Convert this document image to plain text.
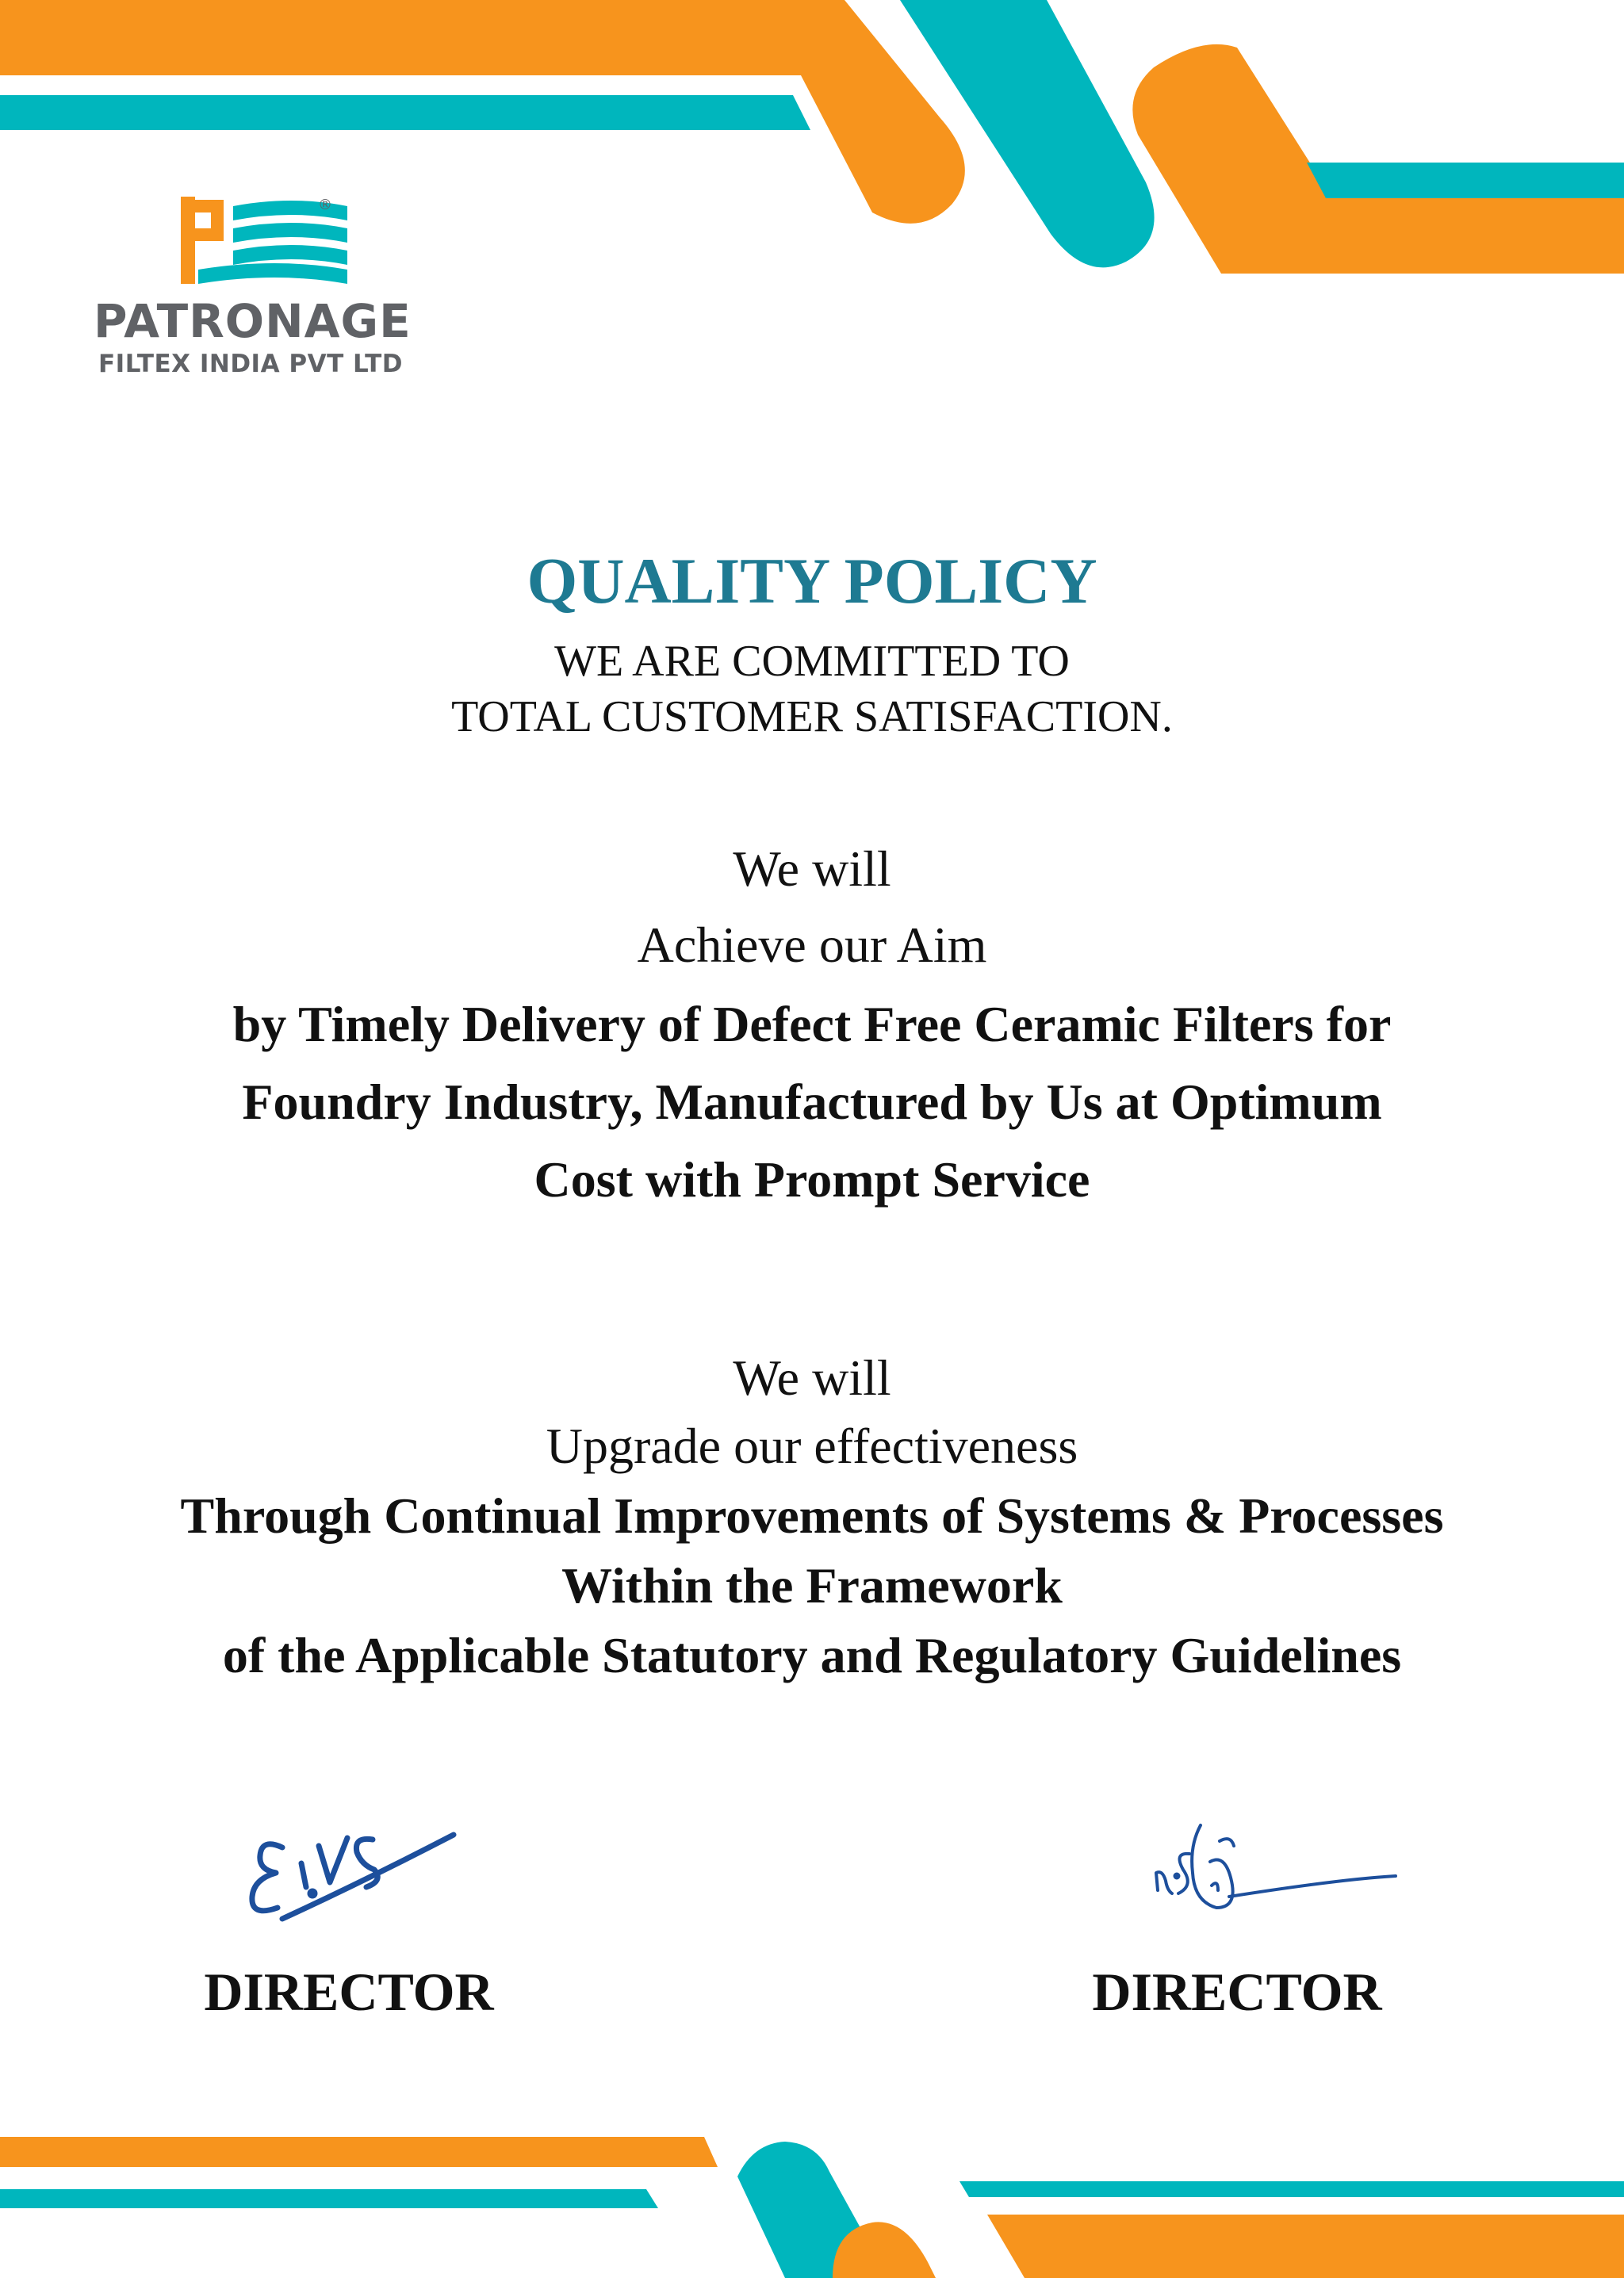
®
PATRONAGE
FILTEX INDIA PVT LTD
QUALITY POLICY
WE ARE COMMITTED TO
TOTAL CUSTOMER SATISFACTION.
We will
Achieve our Aim
by Timely Delivery of Defect Free Ceramic Filters for
Foundry Industry, Manufactured by Us at Optimum
Cost with Prompt Service
We will
Upgrade our effectiveness
Through Continual Improvements of Systems & Processes
Within the Framework
of the Applicable Statutory and Regulatory Guidelines
DIRECTOR	DIRECTOR
